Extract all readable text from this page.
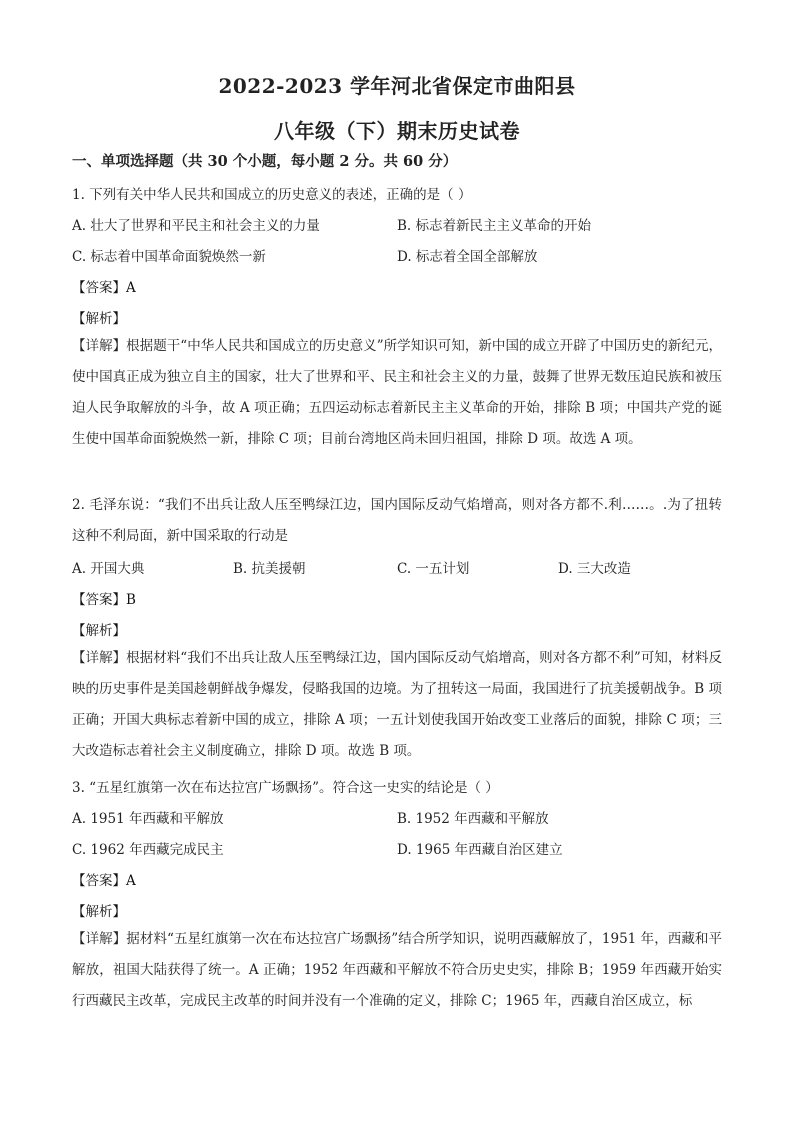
2022-2023 学年河北省保定市曲阳县
八年级（下）期末历史试卷
一、单项选择题（共 30 个小题，每小题 2 分。共 60 分）
1. 下列有关中华人民共和国成立的历史意义的表述，正确的是（ ）
A. 壮大了世界和平民主和社会主义的力量	B. 标志着新民主主义革命的开始
C. 标志着中国革命面貌焕然一新	D. 标志着全国全部解放
【答案】A
【解析】
【详解】根据题干“中华人民共和国成立的历史意义”所学知识可知，新中国的成立开辟了中国历史的新纪元，使中国真正成为独立自主的国家，壮大了世界和平、民主和社会主义的力量，鼓舞了世界无数压迫民族和被压迫人民争取解放的斗争，故 A 项正确；五四运动标志着新民主主义革命的开始，排除 B 项；中国共产党的诞生使中国革命面貌焕然一新，排除 C 项；目前台湾地区尚未回归祖国，排除 D 项。故选 A 项。
2. 毛泽东说：“我们不出兵让敌人压至鸭绿江边，国内国际反动气焰增高，则对各方都不.利……。.为了扭转这种不利局面，新中国采取的行动是
A. 开国大典	B. 抗美援朝	C. 一五计划	D. 三大改造
【答案】B
【解析】
【详解】根据材料“我们不出兵让敌人压至鸭绿江边，国内国际反动气焰增高，则对各方都不利”可知，材料反映的历史事件是美国趁朝鲜战争爆发，侵略我国的边境。为了扭转这一局面，我国进行了抗美援朝战争。B 项正确；开国大典标志着新中国的成立，排除 A 项；一五计划使我国开始改变工业落后的面貌，排除 C 项；三大改造标志着社会主义制度确立，排除 D 项。故选 B 项。
3. “五星红旗第一次在布达拉宫广场飘扬”。符合这一史实的结论是（ ）
A. 1951 年西藏和平解放	B. 1952 年西藏和平解放
C. 1962 年西藏完成民主	D. 1965 年西藏自治区建立
【答案】A
【解析】
【详解】据材料“五星红旗第一次在布达拉宫广场飘扬”结合所学知识，说明西藏解放了，1951 年，西藏和平解放，祖国大陆获得了统一。A 正确；1952 年西藏和平解放不符合历史史实，排除 B；1959 年西藏开始实行西藏民主改革，完成民主改革的时间并没有一个准确的定义，排除 C；1965 年，西藏自治区成立，标
